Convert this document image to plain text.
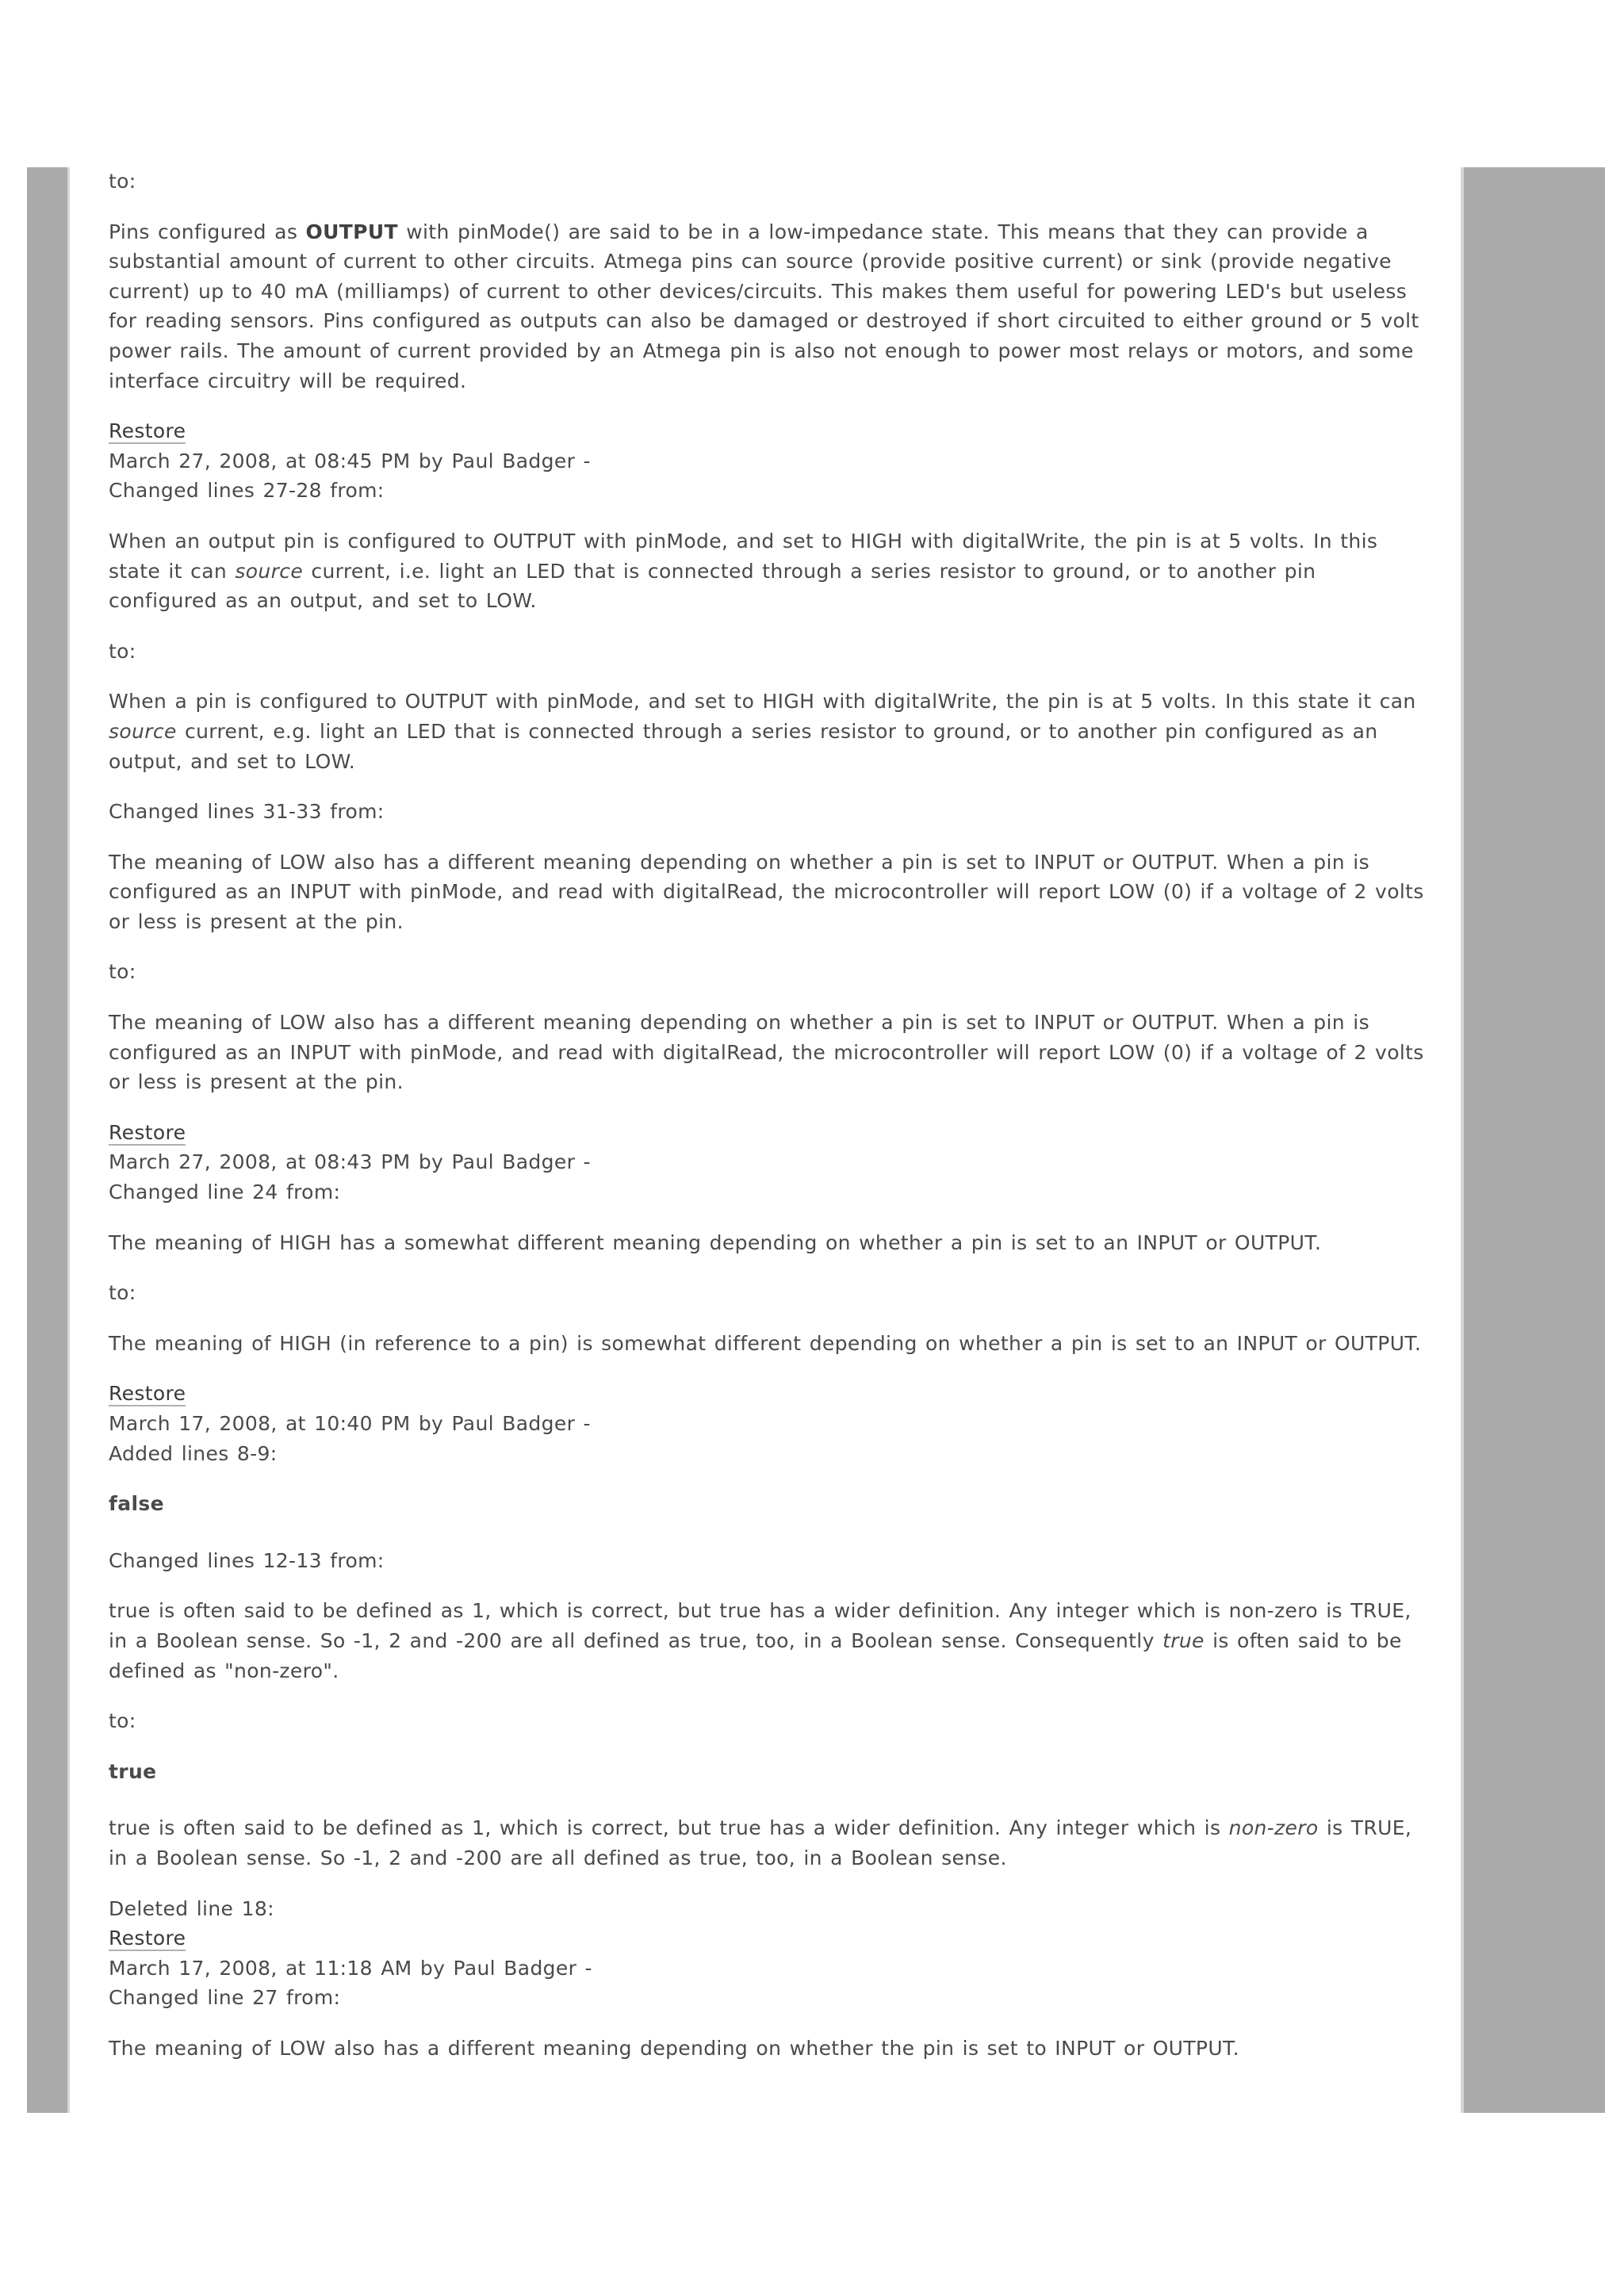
to:

Pins configured as OUTPUT with pinMode() are said to be in a low-impedance state. This means that they can provide a substantial amount of current to other circuits. Atmega pins can source (provide positive current) or sink (provide negative current) up to 40 mA (milliamps) of current to other devices/circuits. This makes them useful for powering LED's but useless for reading sensors. Pins configured as outputs can also be damaged or destroyed if short circuited to either ground or 5 volt power rails. The amount of current provided by an Atmega pin is also not enough to power most relays or motors, and some interface circuitry will be required.

Restore
March 27, 2008, at 08:45 PM by Paul Badger -
Changed lines 27-28 from:

When an output pin is configured to OUTPUT with pinMode, and set to HIGH with digitalWrite, the pin is at 5 volts. In this state it can source current, i.e. light an LED that is connected through a series resistor to ground, or to another pin configured as an output, and set to LOW.

to:

When a pin is configured to OUTPUT with pinMode, and set to HIGH with digitalWrite, the pin is at 5 volts. In this state it can source current, e.g. light an LED that is connected through a series resistor to ground, or to another pin configured as an output, and set to LOW.

Changed lines 31-33 from:

The meaning of LOW also has a different meaning depending on whether a pin is set to INPUT or OUTPUT. When a pin is configured as an INPUT with pinMode, and read with digitalRead, the microcontroller will report LOW (0) if a voltage of 2 volts or less is present at the pin.

to:

The meaning of LOW also has a different meaning depending on whether a pin is set to INPUT or OUTPUT. When a pin is configured as an INPUT with pinMode, and read with digitalRead, the microcontroller will report LOW (0) if a voltage of 2 volts or less is present at the pin.

Restore
March 27, 2008, at 08:43 PM by Paul Badger -
Changed line 24 from:

The meaning of HIGH has a somewhat different meaning depending on whether a pin is set to an INPUT or OUTPUT.

to:

The meaning of HIGH (in reference to a pin) is somewhat different depending on whether a pin is set to an INPUT or OUTPUT.

Restore
March 17, 2008, at 10:40 PM by Paul Badger -
Added lines 8-9:

false

Changed lines 12-13 from:

true is often said to be defined as 1, which is correct, but true has a wider definition. Any integer which is non-zero is TRUE, in a Boolean sense. So -1, 2 and -200 are all defined as true, too, in a Boolean sense. Consequently true is often said to be defined as "non-zero".

to:

true

true is often said to be defined as 1, which is correct, but true has a wider definition. Any integer which is non-zero is TRUE, in a Boolean sense. So -1, 2 and -200 are all defined as true, too, in a Boolean sense.

Deleted line 18:
Restore
March 17, 2008, at 11:18 AM by Paul Badger -
Changed line 27 from:

The meaning of LOW also has a different meaning depending on whether the pin is set to INPUT or OUTPUT.
